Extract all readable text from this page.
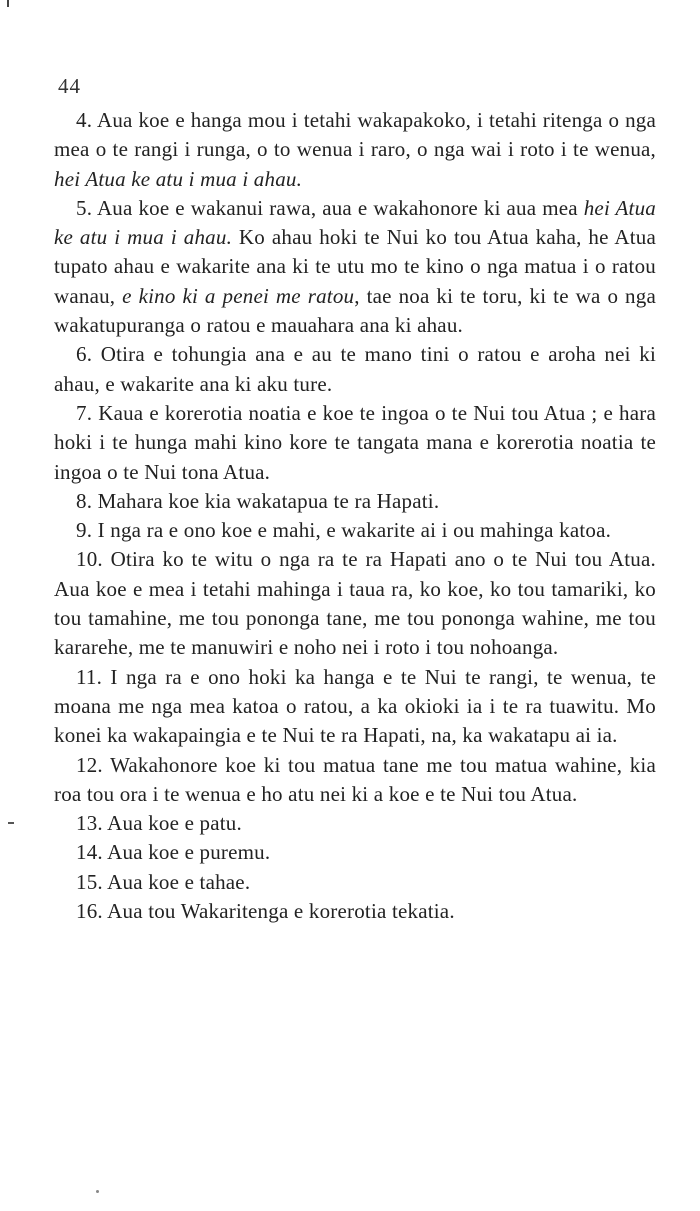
44

4. Aua koe e hanga mou i tetahi wakapakoko, i tetahi ritenga o nga mea o te rangi i runga, o to wenua i raro, o nga wai i roto i te wenua, hei Atua ke atu i mua i ahau.

5. Aua koe e wakanui rawa, aua e wakahonore ki aua mea hei Atua ke atu i mua i ahau. Ko ahau hoki te Nui ko tou Atua kaha, he Atua tupato ahau e wakarite ana ki te utu mo te kino o nga matua i o ratou wanau, e kino ki a penei me ratou, tae noa ki te toru, ki te wa o nga wakatupuranga o ratou e mauahara ana ki ahau.

6. Otira e tohungia ana e au te mano tini o ratou e aroha nei ki ahau, e wakarite ana ki aku ture.

7. Kaua e korerotia noatia e koe te ingoa o te Nui tou Atua ; e hara hoki i te hunga mahi kino kore te tangata mana e korerotia noatia te ingoa o te Nui tona Atua.

8. Mahara koe kia wakatapua te ra Hapati.

9. I nga ra e ono koe e mahi, e wakarite ai i ou mahinga katoa.

10. Otira ko te witu o nga ra te ra Hapati ano o te Nui tou Atua. Aua koe e mea i tetahi mahinga i taua ra, ko koe, ko tou tamariki, ko tou tamahine, me tou pononga tane, me tou pononga wahine, me tou kararehe, me te manuwiri e noho nei i roto i tou nohoanga.

11. I nga ra e ono hoki ka hanga e te Nui te rangi, te wenua, te moana me nga mea katoa o ratou, a ka okioki ia i te ra tuawitu. Mo konei ka wakapaingia e te Nui te ra Hapati, na, ka wakatapu ai ia.

12. Wakahonore koe ki tou matua tane me tou matua wahine, kia roa tou ora i te wenua e ho atu nei ki a koe e te Nui tou Atua.

13. Aua koe e patu.

14. Aua koe e puremu.

15. Aua koe e tahae.

16. Aua tou Wakaritenga e korerotia tekatia.
